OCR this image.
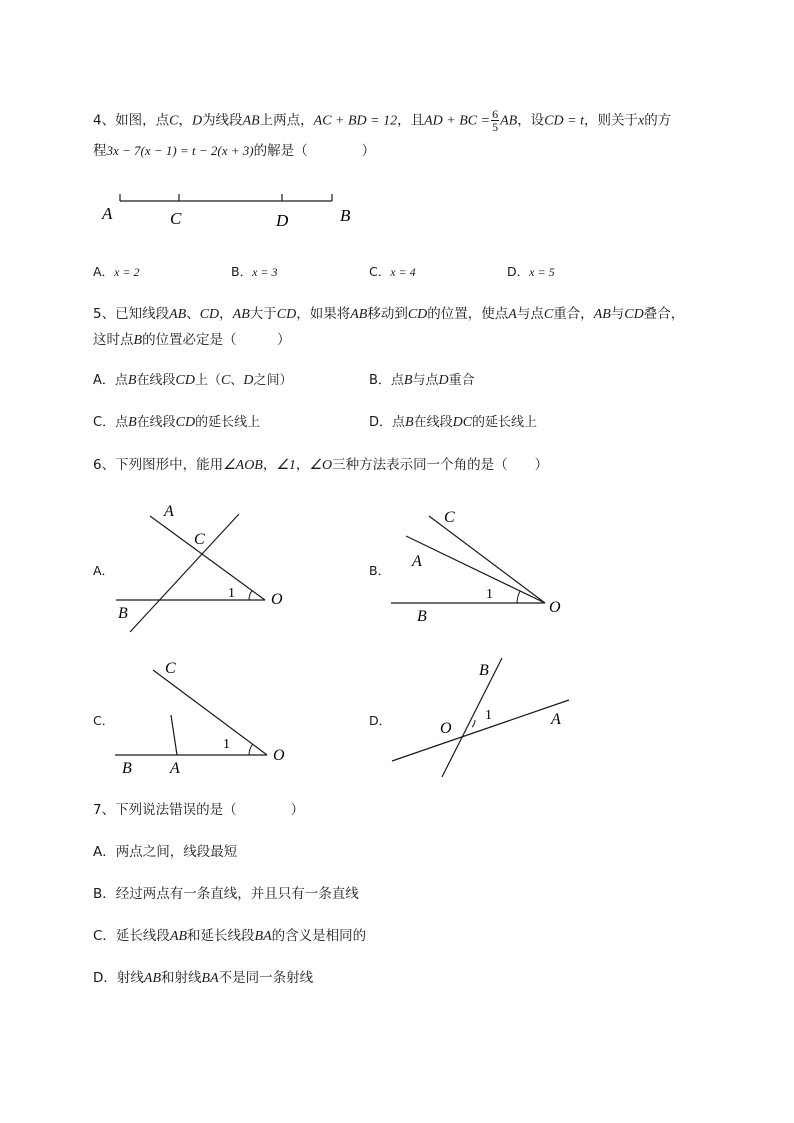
4、如图，点C，D为线段AB上两点，AC + BD = 12，且AD + BC = $\frac{6}{5}$ AB，设CD = t，则关于x的方
程3x − 7(x − 1) = t − 2(x + 3)的解是（　　　　）
A	C	D	B
A．x = 2	B．x = 3	C．x = 4	D．x = 5
5、已知线段AB、CD，AB大于CD，如果将AB移动到CD的位置，使点A与点C重合，AB与CD叠合，
这时点B的位置必定是（　　　）
A．点B在线段CD上（C、D之间）	B．点B与点D重合
C．点B在线段CD的延长线上	D．点B在线段DC的延长线上
6、下列图形中，能用∠AOB，∠1，∠O三种方法表示同一个角的是（　　）
A．
A
C
B
O
1
B．
C
A
B
O
1
C．
C
B A
O
1
D．
B
O
A
1
7、下列说法错误的是（　　　　）
A．两点之间，线段最短
B．经过两点有一条直线，并且只有一条直线
C．延长线段AB和延长线段BA的含义是相同的
D．射线AB和射线BA不是同一条射线
